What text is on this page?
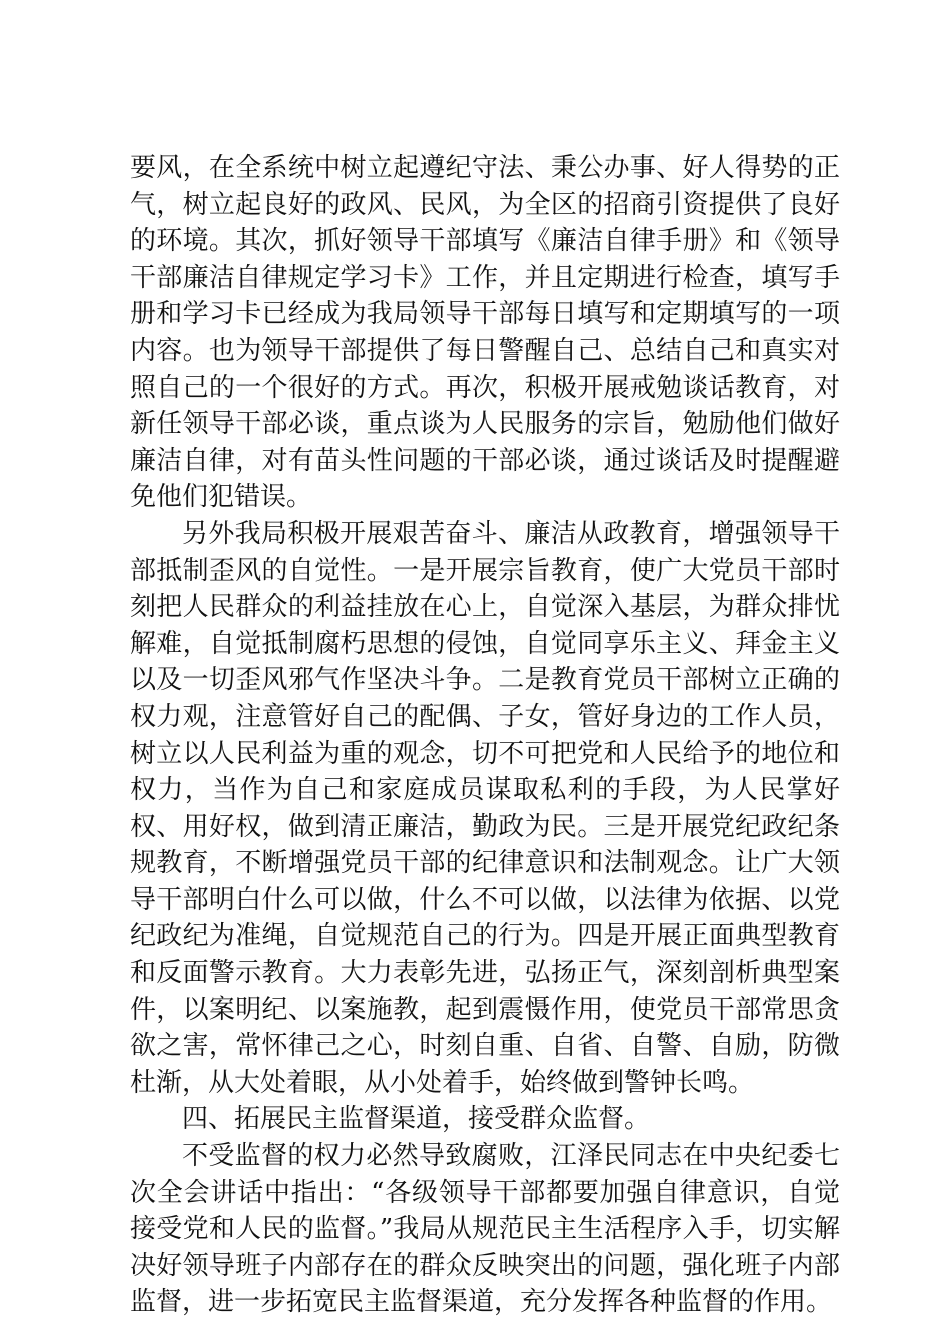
要风，在全系统中树立起遵纪守法、秉公办事、好人得势的正气，树立起良好的政风、民风，为全区的招商引资提供了良好的环境。其次，抓好领导干部填写《廉洁自律手册》和《领导干部廉洁自律规定学习卡》工作，并且定期进行检查，填写手册和学习卡已经成为我局领导干部每日填写和定期填写的一项内容。也为领导干部提供了每日警醒自己、总结自己和真实对照自己的一个很好的方式。再次，积极开展戒勉谈话教育，对新任领导干部必谈，重点谈为人民服务的宗旨，勉励他们做好廉洁自律，对有苗头性问题的干部必谈，通过谈话及时提醒避免他们犯错误。

另外我局积极开展艰苦奋斗、廉洁从政教育，增强领导干部抵制歪风的自觉性。一是开展宗旨教育，使广大党员干部时刻把人民群众的利益挂放在心上，自觉深入基层，为群众排忧解难，自觉抵制腐朽思想的侵蚀，自觉同享乐主义、拜金主义以及一切歪风邪气作坚决斗争。二是教育党员干部树立正确的权力观，注意管好自己的配偶、子女，管好身边的工作人员，树立以人民利益为重的观念，切不可把党和人民给予的地位和权力，当作为自己和家庭成员谋取私利的手段，为人民掌好权、用好权，做到清正廉洁，勤政为民。三是开展党纪政纪条规教育，不断增强党员干部的纪律意识和法制观念。让广大领导干部明白什么可以做，什么不可以做，以法律为依据、以党纪政纪为准绳，自觉规范自己的行为。四是开展正面典型教育和反面警示教育。大力表彰先进，弘扬正气，深刻剖析典型案件，以案明纪、以案施教，起到震慑作用，使党员干部常思贪欲之害，常怀律己之心，时刻自重、自省、自警、自励，防微杜渐，从大处着眼，从小处着手，始终做到警钟长鸣。

四、拓展民主监督渠道，接受群众监督。

不受监督的权力必然导致腐败，江泽民同志在中央纪委七次全会讲话中指出：“各级领导干部都要加强自律意识，自觉接受党和人民的监督。”我局从规范民主生活程序入手，切实解决好领导班子内部存在的群众反映突出的问题，强化班子内部监督，进一步拓宽民主监督渠道，充分发挥各种监督的作用。
